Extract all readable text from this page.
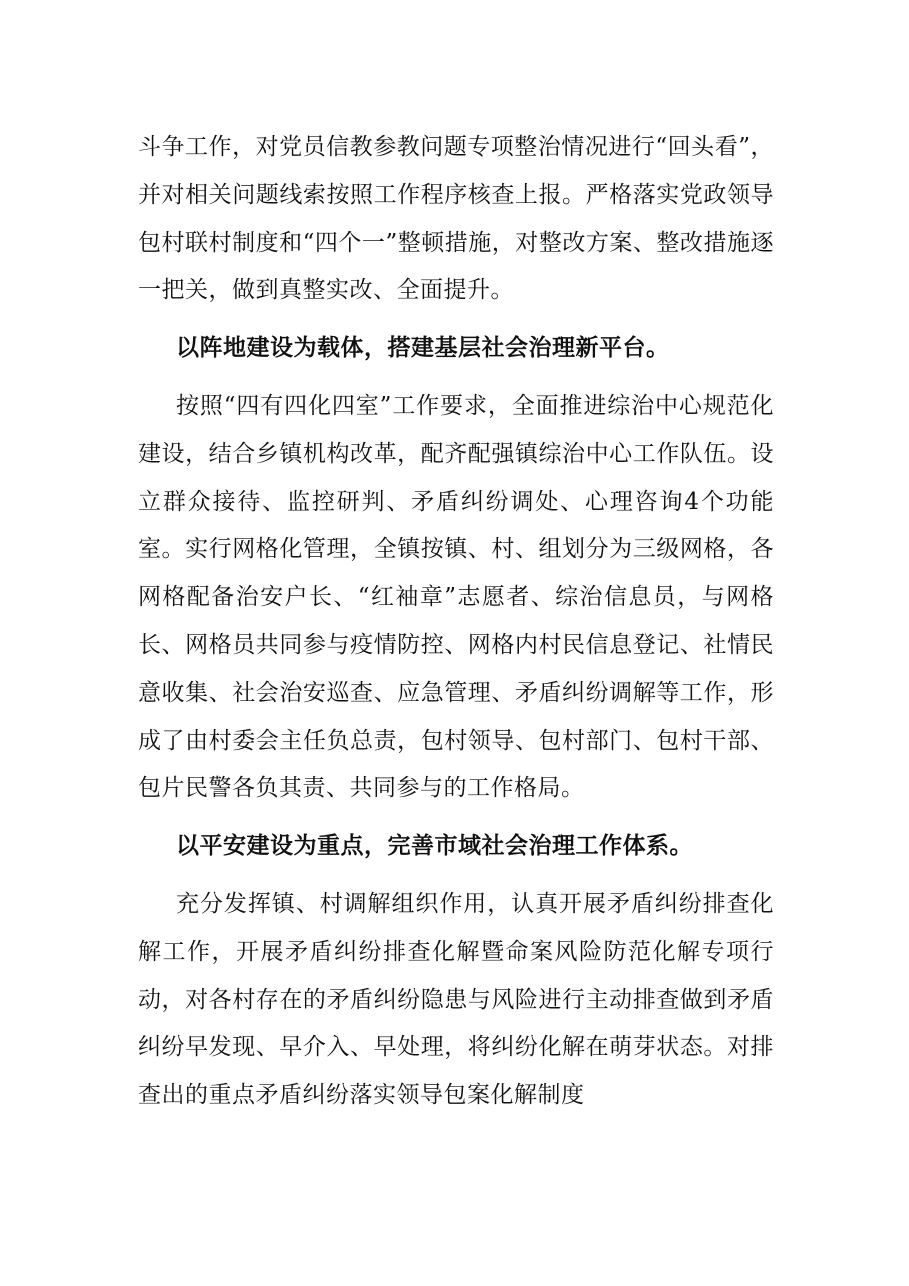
斗争工作，对党员信教参教问题专项整治情况进行“回头看”，并对相关问题线索按照工作程序核查上报。严格落实党政领导包村联村制度和“四个一”整顿措施，对整改方案、整改措施逐一把关，做到真整实改、全面提升。

以阵地建设为载体，搭建基层社会治理新平台。

按照“四有四化四室”工作要求，全面推进综治中心规范化建设，结合乡镇机构改革，配齐配强镇综治中心工作队伍。设立群众接待、监控研判、矛盾纠纷调处、心理咨询4个功能室。实行网格化管理，全镇按镇、村、组划分为三级网格，各网格配备治安户长、“红袖章”志愿者、综治信息员，与网格长、网格员共同参与疫情防控、网格内村民信息登记、社情民意收集、社会治安巡查、应急管理、矛盾纠纷调解等工作，形成了由村委会主任负总责，包村领导、包村部门、包村干部、包片民警各负其责、共同参与的工作格局。

以平安建设为重点，完善市域社会治理工作体系。

充分发挥镇、村调解组织作用，认真开展矛盾纠纷排查化解工作，开展矛盾纠纷排查化解暨命案风险防范化解专项行动，对各村存在的矛盾纠纷隐患与风险进行主动排查做到矛盾纠纷早发现、早介入、早处理，将纠纷化解在萌芽状态。对排查出的重点矛盾纠纷落实领导包案化解制度
